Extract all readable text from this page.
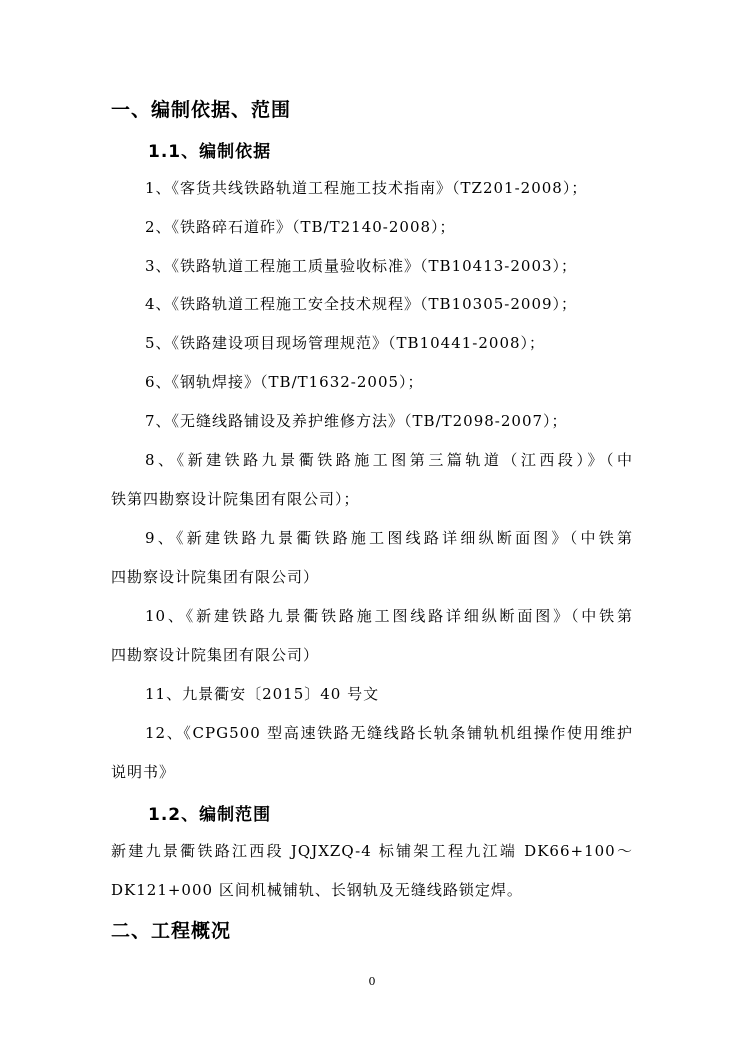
一、编制依据、范围
1.1、编制依据
1、《客货共线铁路轨道工程施工技术指南》（TZ201-2008）；
2、《铁路碎石道砟》（TB/T2140-2008）；
3、《铁路轨道工程施工质量验收标准》（TB10413-2003）；
4、《铁路轨道工程施工安全技术规程》（TB10305-2009）；
5、《铁路建设项目现场管理规范》（TB10441-2008）；
6、《钢轨焊接》（TB/T1632-2005）；
7、《无缝线路铺设及养护维修方法》（TB/T2098-2007）；
8、《新建铁路九景衢铁路施工图第三篇轨道（江西段）》（中
铁第四勘察设计院集团有限公司）；
9、《新建铁路九景衢铁路施工图线路详细纵断面图》（中铁第
四勘察设计院集团有限公司）
10、《新建铁路九景衢铁路施工图线路详细纵断面图》（中铁第
四勘察设计院集团有限公司）
11、九景衢安〔2015〕40 号文
12、《CPG500 型高速铁路无缝线路长轨条铺轨机组操作使用维护
说明书》
1.2、编制范围
新建九景衢铁路江西段 JQJXZQ-4 标铺架工程九江端 DK66+100～
DK121+000 区间机械铺轨、长钢轨及无缝线路锁定焊。
二、工程概况
0
